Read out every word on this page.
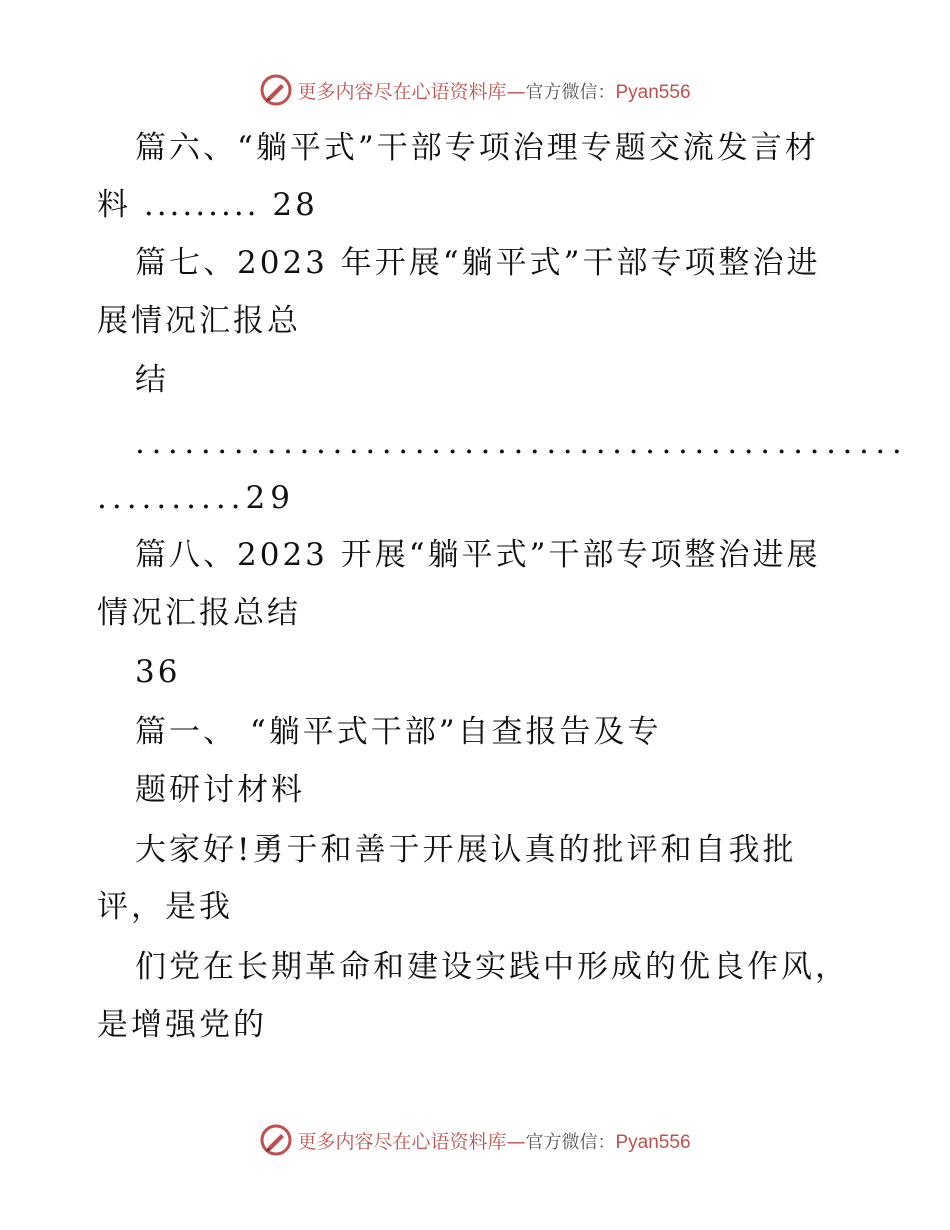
更多内容尽在心语资料库—官方微信：Pyan556
篇六、“躺平式”干部专项治理专题交流发言材
料 ......... 28
篇七、2023 年开展“躺平式”干部专项整治进
展情况汇报总
结
...............................................
..........29
篇八、2023 开展“躺平式”干部专项整治进展
情况汇报总结
36
篇一、 “躺平式干部”自查报告及专
题研讨材料
大家好!勇于和善于开展认真的批评和自我批
评，是我
们党在长期革命和建设实践中形成的优良作风，
是增强党的
更多内容尽在心语资料库—官方微信：Pyan556
